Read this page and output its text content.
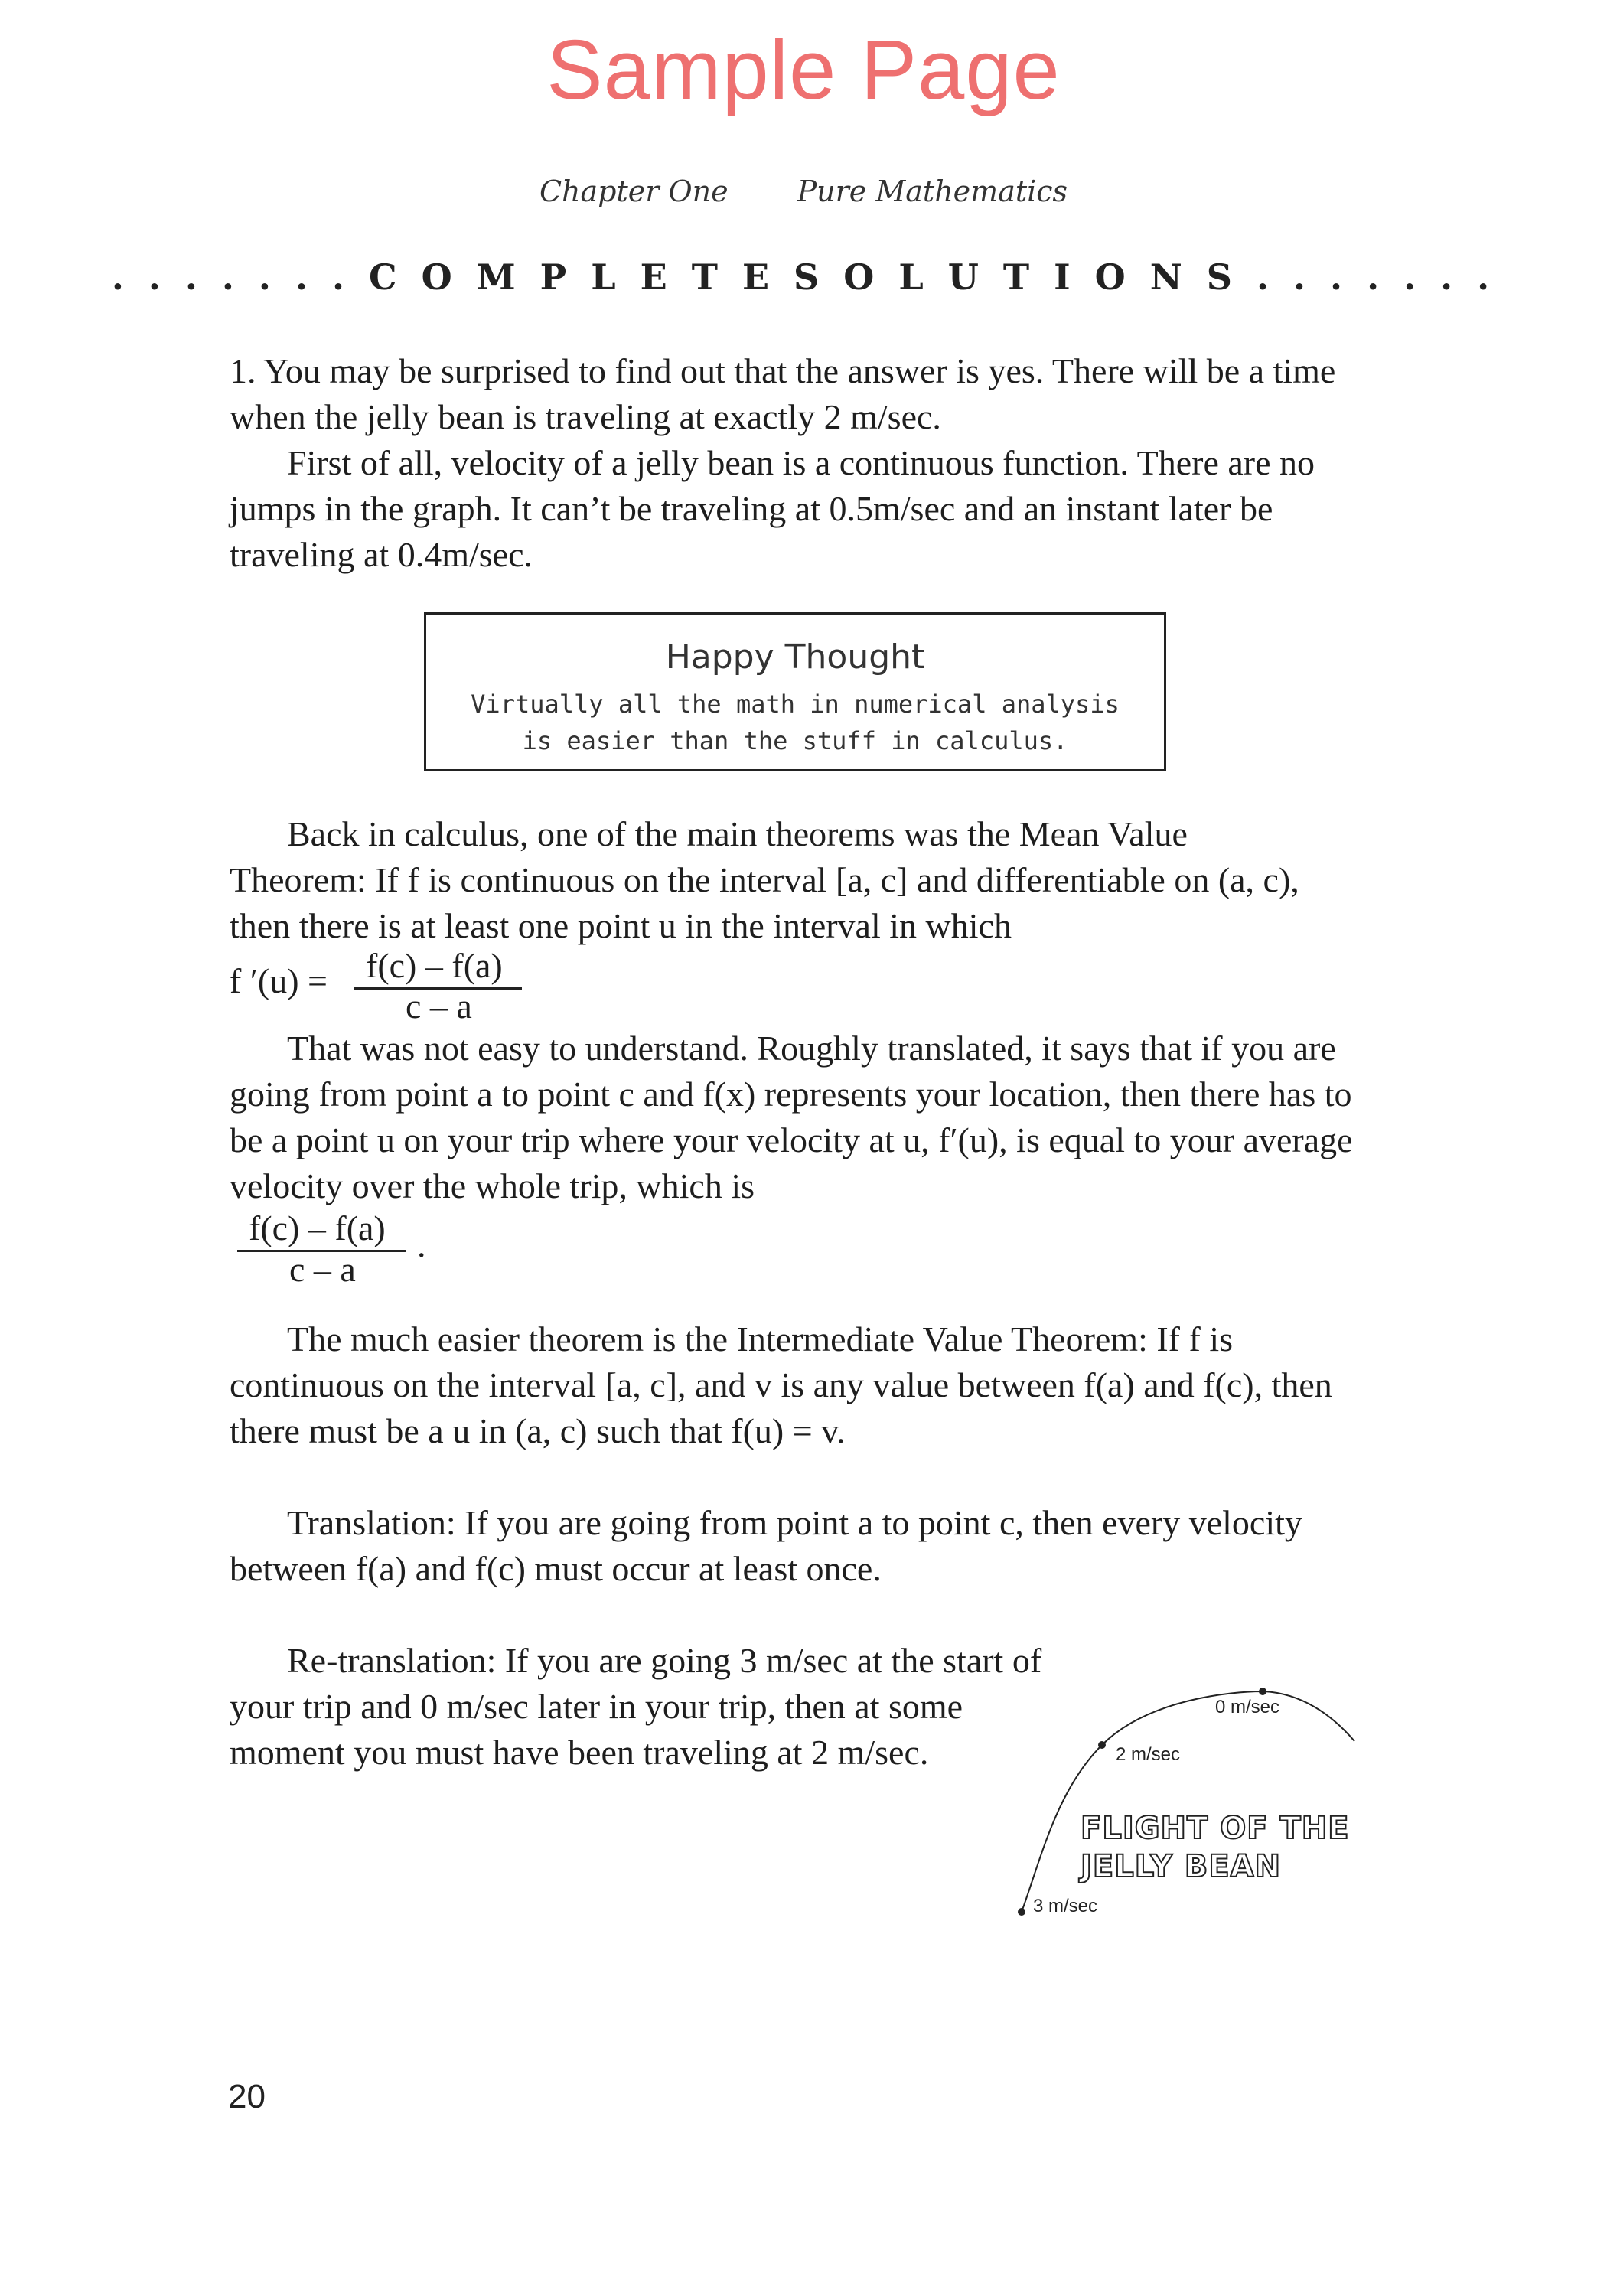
Sample Page
Chapter One Pure Mathematics
. . . . . . . C O M P L E T E S O L U T I O N S . . . . . . .

1. You may be surprised to find out that the answer is yes. There will be a time when the jelly bean is traveling at exactly 2 m/sec.

First of all, velocity of a jelly bean is a continuous function. There are no jumps in the graph. It can’t be traveling at 0.5m/sec and an instant later be traveling at 0.4m/sec.

Happy Thought
Virtually all the math in numerical analysis
is easier than the stuff in calculus.

Back in calculus, one of the main theorems was the Mean Value Theorem: If f is continuous on the interval [a, c] and differentiable on (a, c), then there is at least one point u in the interval in which

f ′(u) = f(c) – f(a)
c – a

That was not easy to understand. Roughly translated, it says that if you are going from point a to point c and f(x) represents your location, then there has to be a point u on your trip where your velocity at u, f′(u), is equal to your average velocity over the whole trip, which is

f(c) – f(a)
c – a
.

The much easier theorem is the Intermediate Value Theorem: If f is continuous on the interval [a, c], and v is any value between f(a) and f(c), then there must be a u in (a, c) such that f(u) = v.

Translation: If you are going from point a to point c, then every velocity between f(a) and f(c) must occur at least once.

Re-translation: If you are going 3 m/sec at the start of your trip and 0 m/sec later in your trip, then at some moment you must have been traveling at 2 m/sec.

0 m/sec
2 m/sec
3 m/sec
FLIGHT OF THE
JELLY BEAN
20
